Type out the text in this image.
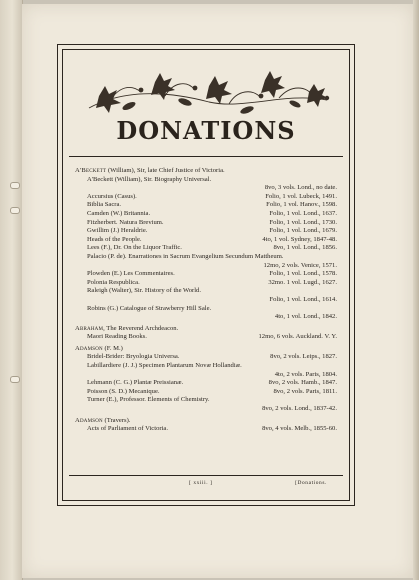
DONATIONS
A'Beckett (William), Sir, late Chief Justice of Victoria.
A'Beckett (William), Sir. Biography Universal.
8vo, 3 vols. Lond., no date.
Accursius (Casus).	Folio, 1 vol. Lubeck, 1491.
Biblia Sacra.	Folio, 1 vol. Hanov., 1598.
Camden (W.) Britannia.	Folio, 1 vol. Lond., 1637.
Fitzherbert. Natura Brevium.	Folio, 1 vol. Lond., 1730.
Gwillim (J.) Heraldrie.	Folio, 1 vol. Lond., 1679.
Heads of the People.	4to, 1 vol. Sydney, 1847-48.
Lees (F.), Dr. On the Liquor Traffic.	8vo, 1 vol. Lond., 1856.
Palacio (P. de). Enarrationes in Sacrum Evangelium Secundum Mattheum.
12mo, 2 vols. Venice, 1571.
Plowden (E.) Les Commentaires.	Folio, 1 vol. Lond., 1578.
Polonia Respublica.	32mo. 1 vol. Lugd., 1627.
Raleigh (Walter), Sir. History of the World.
Folio, 1 vol. Lond., 1614.
Robins (G.) Catalogue of Strawberry Hill Sale.
4to, 1 vol. Lond., 1842.
Abraham, The Reverend Archdeacon.
Maori Reading Books.	12mo, 6 vols. Auckland. V. Y.
Adamson (F. M.)
Bridel-Brider: Bryologia Universa.	8vo, 2 vols. Leips., 1827.
Labillardiere (J. J.) Specimen Plantarum Novæ Hollandiæ.
4to, 2 vols. Paris, 1804.
Lehmann (C. G.) Plantæ Preissianæ.	8vo, 2 vols. Hamb., 1847.
Poisson (S. D.) Mecanique.	8vo, 2 vols. Paris, 1811.
Turner (E.), Professor. Elements of Chemistry.
8vo, 2 vols. Lond., 1837-42.
Adamson (Travers).
Acts of Parliament of Victoria.	8vo, 4 vols. Melb., 1855-60.
[ xxiii. ]	[Donations.
